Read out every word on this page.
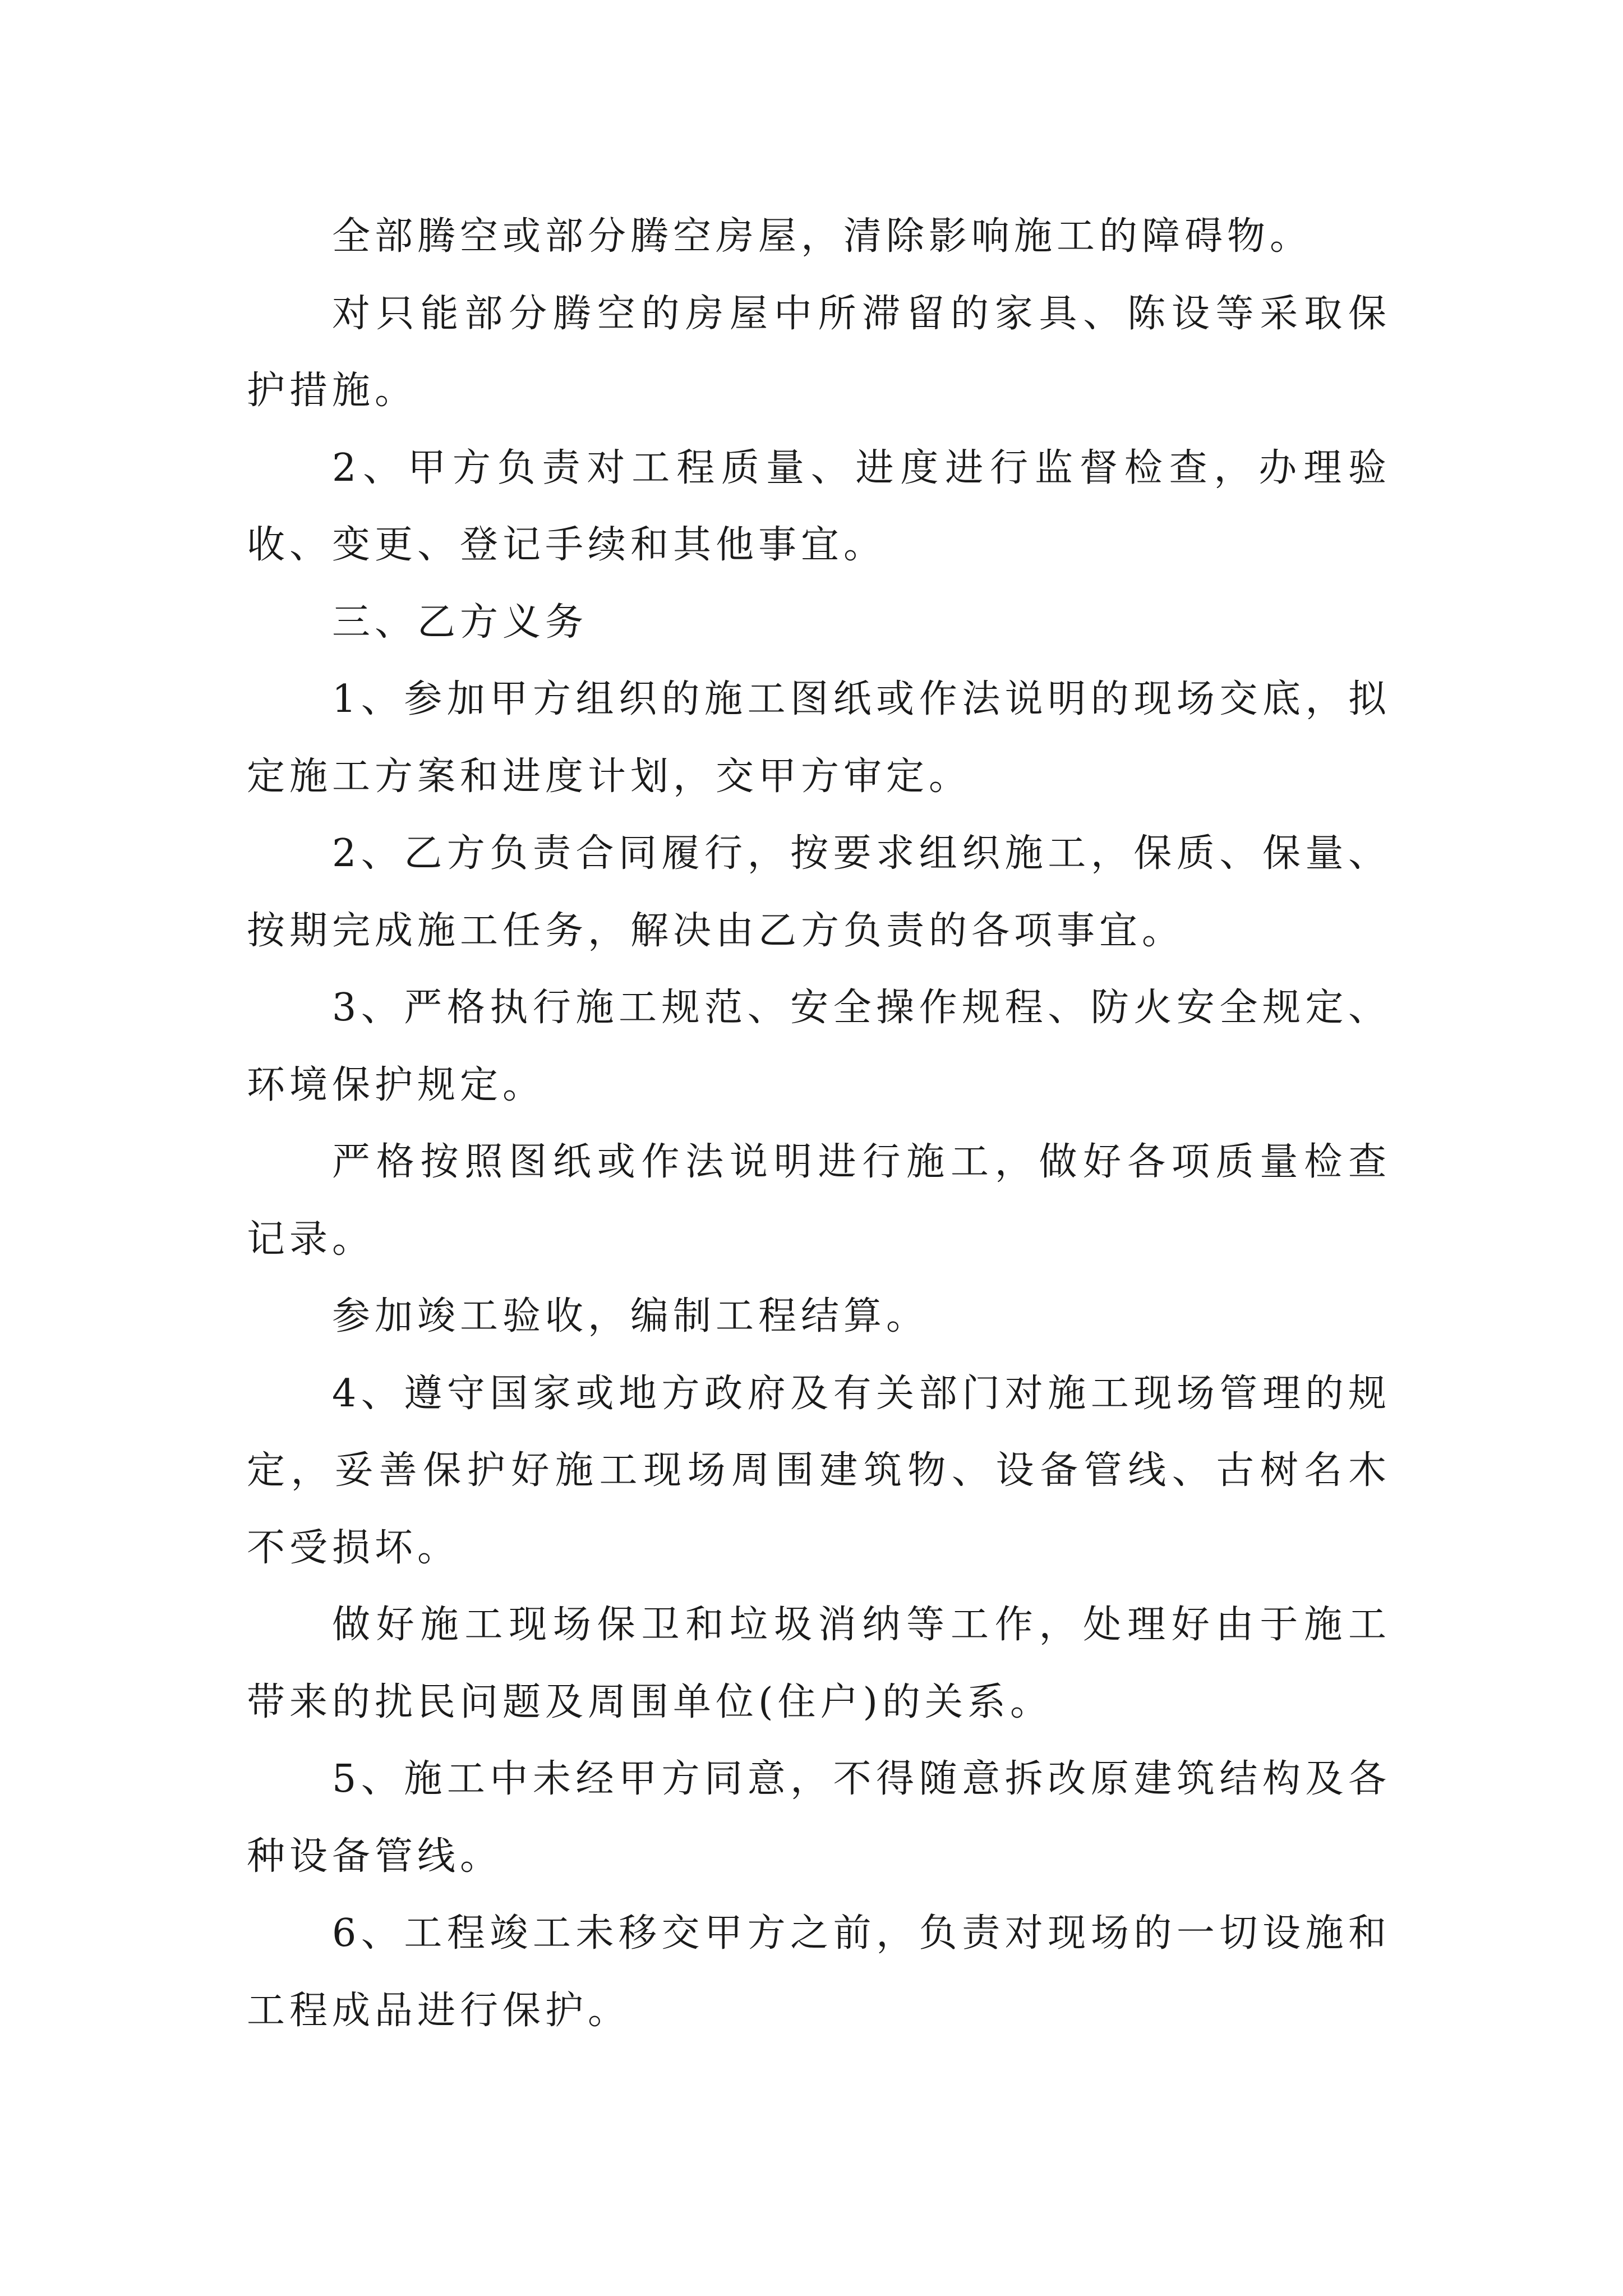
全部腾空或部分腾空房屋，清除影响施工的障碍物。

对只能部分腾空的房屋中所滞留的家具、陈设等采取保护措施。

2、甲方负责对工程质量、进度进行监督检查，办理验收、变更、登记手续和其他事宜。

三、乙方义务

1、参加甲方组织的施工图纸或作法说明的现场交底，拟定施工方案和进度计划，交甲方审定。

2、乙方负责合同履行，按要求组织施工，保质、保量、按期完成施工任务，解决由乙方负责的各项事宜。

3、严格执行施工规范、安全操作规程、防火安全规定、环境保护规定。

严格按照图纸或作法说明进行施工，做好各项质量检查记录。

参加竣工验收，编制工程结算。

4、遵守国家或地方政府及有关部门对施工现场管理的规定，妥善保护好施工现场周围建筑物、设备管线、古树名木不受损坏。

做好施工现场保卫和垃圾消纳等工作，处理好由于施工带来的扰民问题及周围单位(住户)的关系。

5、施工中未经甲方同意，不得随意拆改原建筑结构及各种设备管线。

6、工程竣工未移交甲方之前，负责对现场的一切设施和工程成品进行保护。
